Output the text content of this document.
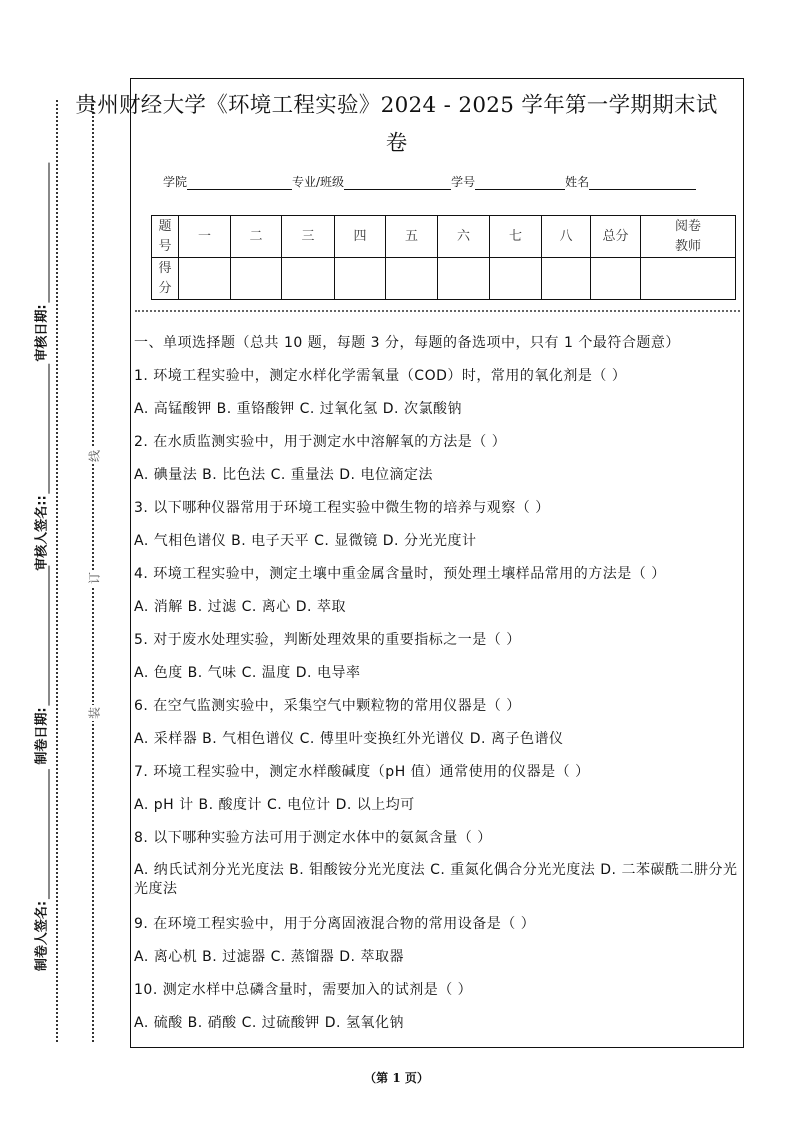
审核日期:
审核人签名::
制卷日期:
制卷人签名:
线
订
装
贵州财经大学《环境工程实验》2024 - 2025 学年第一学期期末试
卷
学院	专业/班级	学号	姓名
题号	一	二	三	四	五	六	七	八	总分	阅卷教师
得分										
一、单项选择题（总共 10 题，每题 3 分，每题的备选项中，只有 1 个最符合题意）
1. 环境工程实验中，测定水样化学需氧量（COD）时，常用的氧化剂是（ ）
A. 高锰酸钾 B. 重铬酸钾 C. 过氧化氢 D. 次氯酸钠
2. 在水质监测实验中，用于测定水中溶解氧的方法是（ ）
A. 碘量法 B. 比色法 C. 重量法 D. 电位滴定法
3. 以下哪种仪器常用于环境工程实验中微生物的培养与观察（ ）
A. 气相色谱仪 B. 电子天平 C. 显微镜 D. 分光光度计
4. 环境工程实验中，测定土壤中重金属含量时，预处理土壤样品常用的方法是（ ）
A. 消解 B. 过滤 C. 离心 D. 萃取
5. 对于废水处理实验，判断处理效果的重要指标之一是（ ）
A. 色度 B. 气味 C. 温度 D. 电导率
6. 在空气监测实验中，采集空气中颗粒物的常用仪器是（ ）
A. 采样器 B. 气相色谱仪 C. 傅里叶变换红外光谱仪 D. 离子色谱仪
7. 环境工程实验中，测定水样酸碱度（pH 值）通常使用的仪器是（ ）
A. pH 计 B. 酸度计 C. 电位计 D. 以上均可
8. 以下哪种实验方法可用于测定水体中的氨氮含量（ ）
A. 纳氏试剂分光光度法 B. 钼酸铵分光光度法 C. 重氮化偶合分光光度法 D. 二苯碳酰二肼分光光度法
9. 在环境工程实验中，用于分离固液混合物的常用设备是（ ）
A. 离心机 B. 过滤器 C. 蒸馏器 D. 萃取器
10. 测定水样中总磷含量时，需要加入的试剂是（ ）
A. 硫酸 B. 硝酸 C. 过硫酸钾 D. 氢氧化钠
（第 1 页）
